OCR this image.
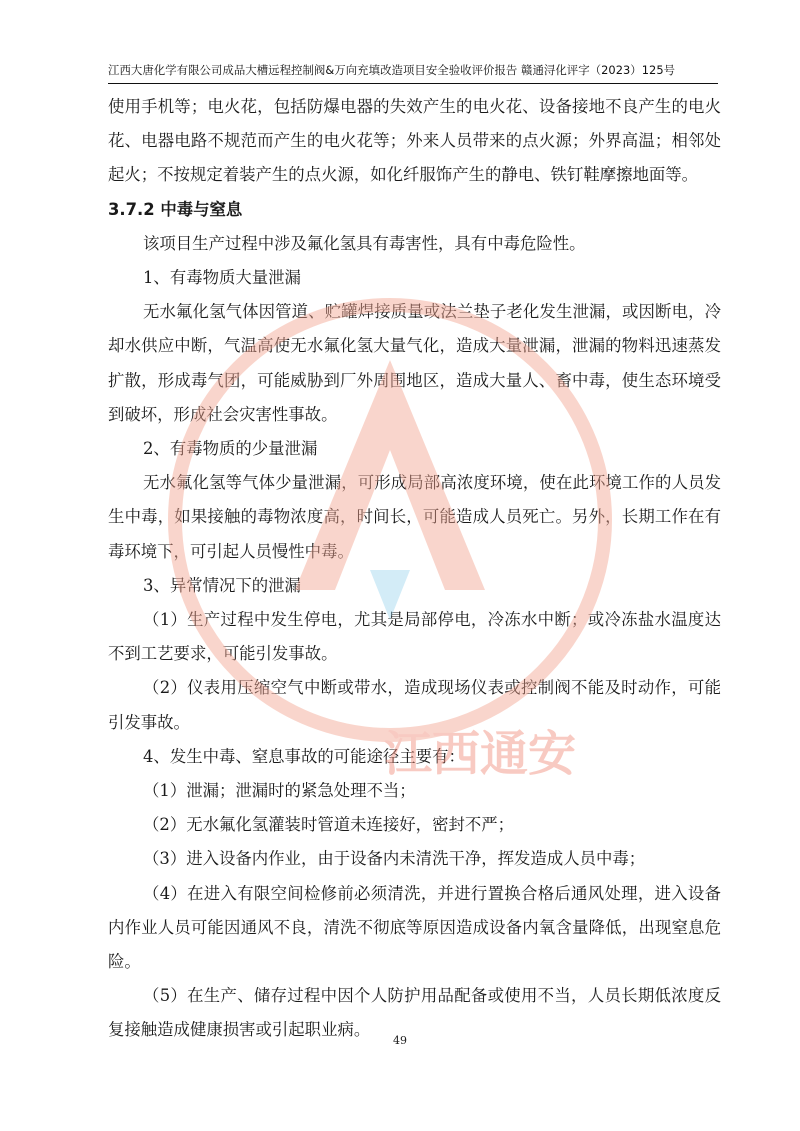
江西大唐化学有限公司成品大槽远程控制阀&万向充填改造项目安全验收评价报告 赣通浔化评字（2023）125号

使用手机等；电火花，包括防爆电器的失效产生的电火花、设备接地不良产生的电火花、电器电路不规范而产生的电火花等；外来人员带来的点火源；外界高温；相邻处起火；不按规定着装产生的点火源，如化纤服饰产生的静电、铁钉鞋摩擦地面等。

3.7.2 中毒与窒息

该项目生产过程中涉及氟化氢具有毒害性，具有中毒危险性。

1、有毒物质大量泄漏

无水氟化氢气体因管道、贮罐焊接质量或法兰垫子老化发生泄漏，或因断电，冷却水供应中断，气温高使无水氟化氢大量气化，造成大量泄漏，泄漏的物料迅速蒸发扩散，形成毒气团，可能威胁到厂外周围地区，造成大量人、畜中毒，使生态环境受到破坏，形成社会灾害性事故。

2、有毒物质的少量泄漏

无水氟化氢等气体少量泄漏，可形成局部高浓度环境，使在此环境工作的人员发生中毒，如果接触的毒物浓度高，时间长，可能造成人员死亡。另外，长期工作在有毒环境下，可引起人员慢性中毒。

3、异常情况下的泄漏

（1）生产过程中发生停电，尤其是局部停电，冷冻水中断；或冷冻盐水温度达不到工艺要求，可能引发事故。

（2）仪表用压缩空气中断或带水，造成现场仪表或控制阀不能及时动作，可能引发事故。

4、发生中毒、窒息事故的可能途径主要有：

（1）泄漏；泄漏时的紧急处理不当；

（2）无水氟化氢灌装时管道未连接好，密封不严；

（3）进入设备内作业，由于设备内未清洗干净，挥发造成人员中毒；

（4）在进入有限空间检修前必须清洗，并进行置换合格后通风处理，进入设备内作业人员可能因通风不良，清洗不彻底等原因造成设备内氧含量降低，出现窒息危险。

（5）在生产、储存过程中因个人防护用品配备或使用不当，人员长期低浓度反复接触造成健康损害或引起职业病。

江西通安
49
